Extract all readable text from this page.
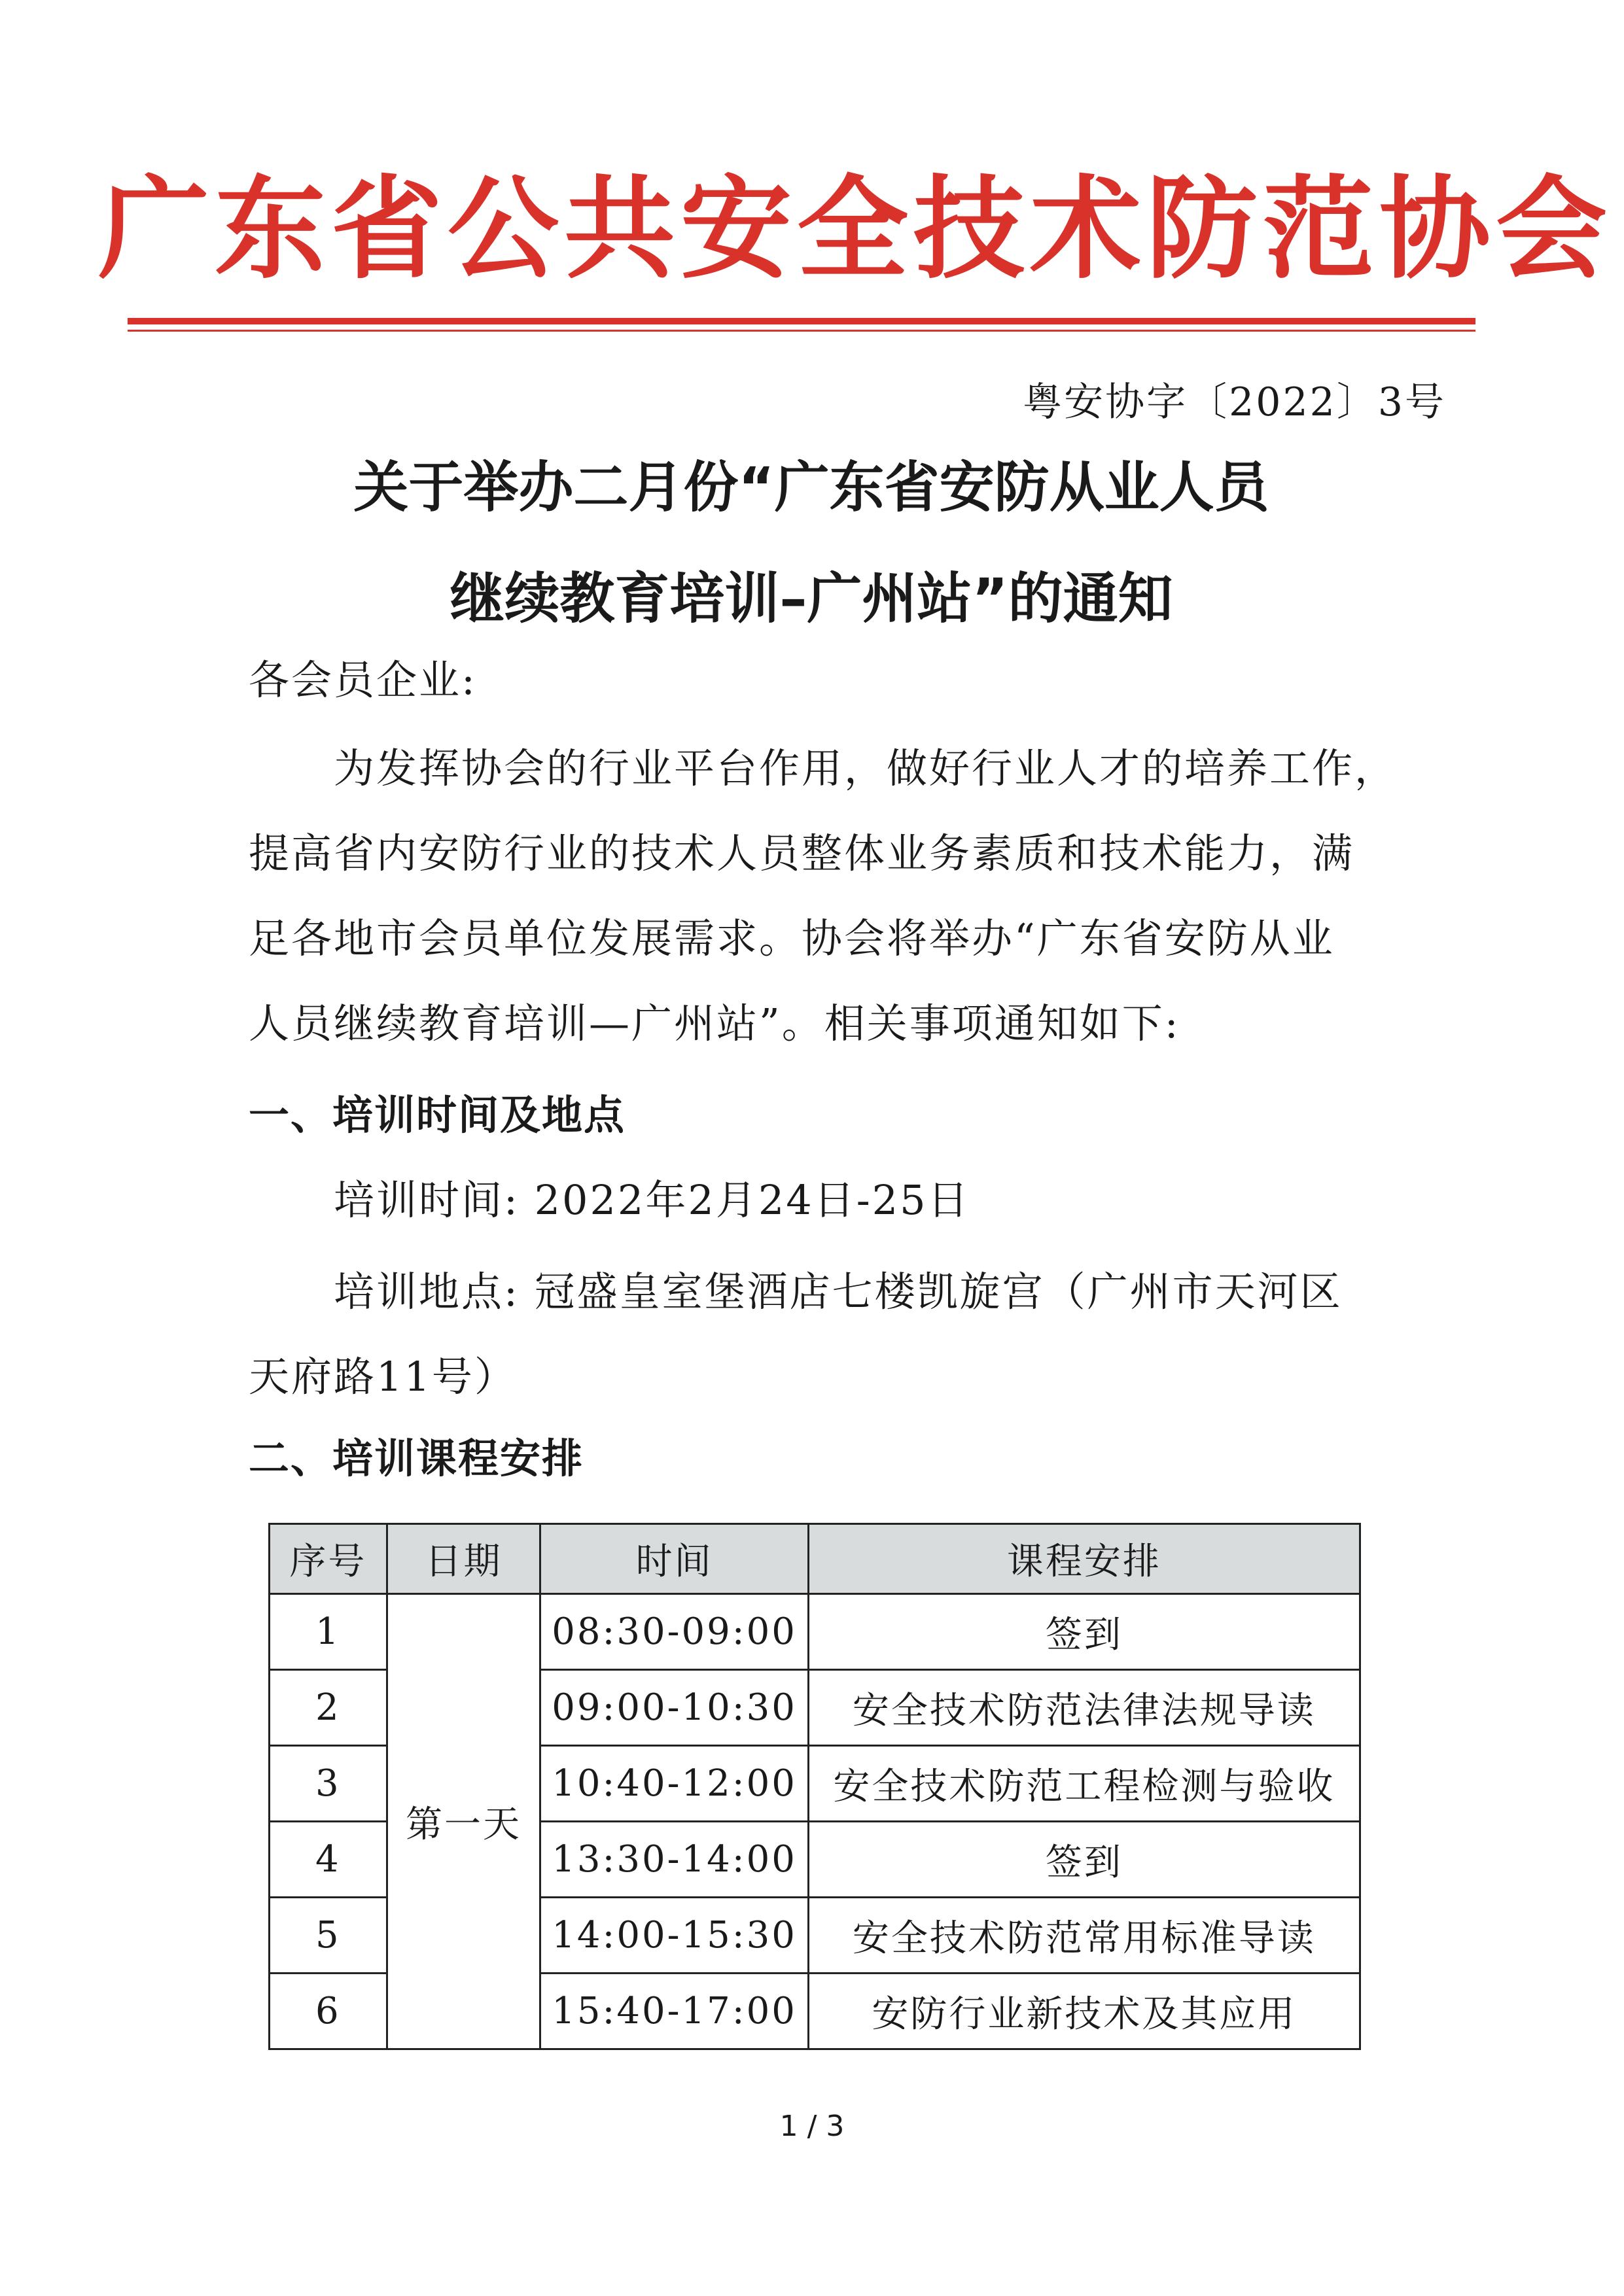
广东省公共安全技术防范协会
粤安协字〔2022〕3号
关于举办二月份“广东省安防从业人员
继续教育培训–广州站”的通知
各会员企业:
为发挥协会的行业平台作用，做好行业人才的培养工作，
提高省内安防行业的技术人员整体业务素质和技术能力，满
足各地市会员单位发展需求。协会将举办“广东省安防从业
人员继续教育培训—广州站”。相关事项通知如下:
一、培训时间及地点
培训时间: 2022年2月24日-25日
培训地点: 冠盛皇室堡酒店七楼凯旋宫（广州市天河区
天府路11号）
二、培训课程安排
序号	日期	时间	课程安排
1	第一天	08:30-09:00	签到
2		09:00-10:30	安全技术防范法律法规导读
3		10:40-12:00	安全技术防范工程检测与验收
4		13:30-14:00	签到
5		14:00-15:30	安全技术防范常用标准导读
6		15:40-17:00	安防行业新技术及其应用
1 / 3
